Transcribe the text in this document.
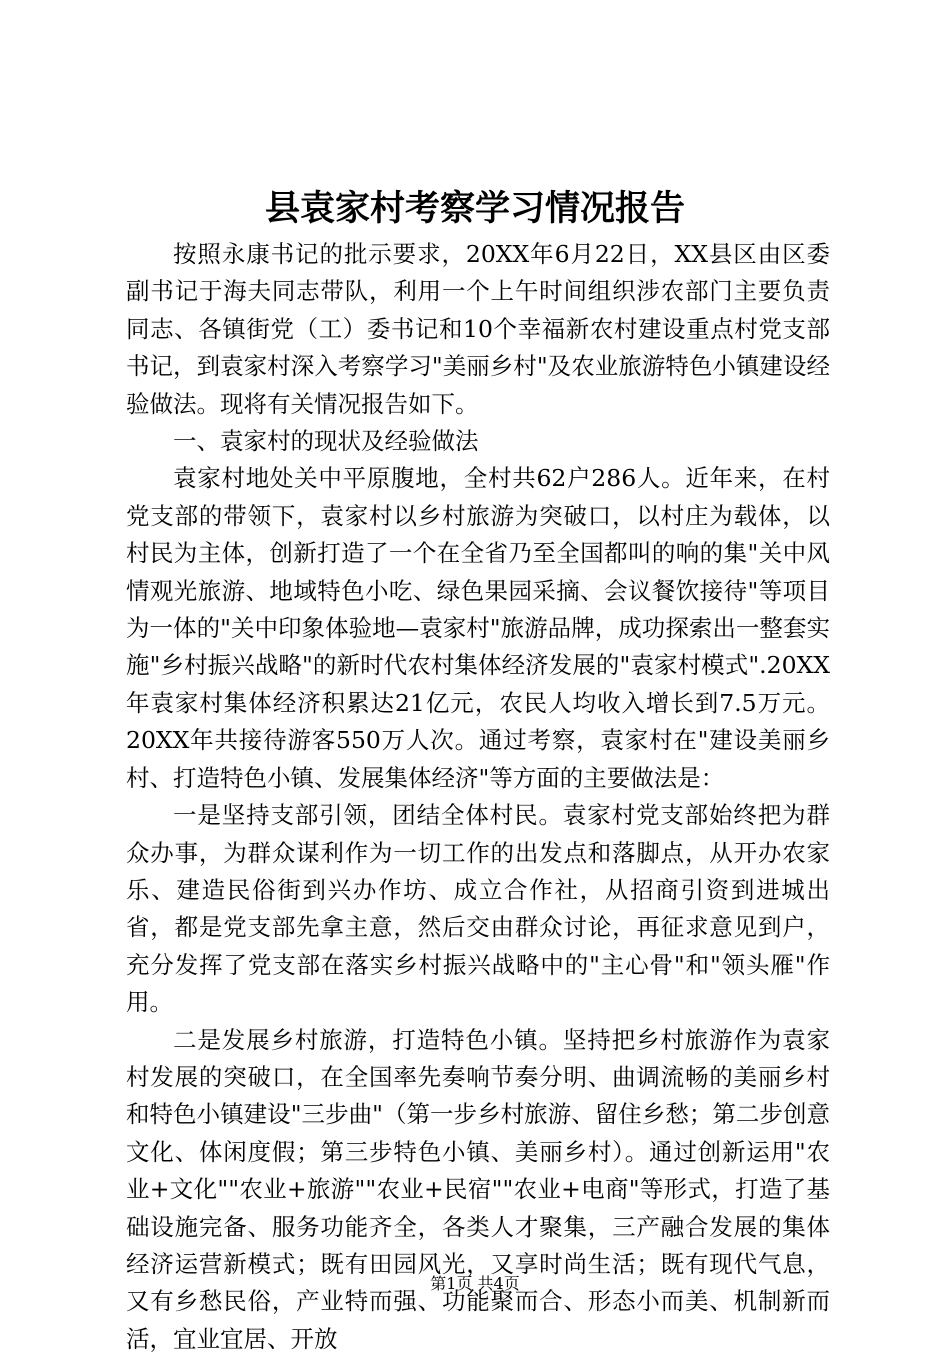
县袁家村考察学习情况报告

按照永康书记的批示要求，20XX年6月22日，XX县区由区委副书记于海夫同志带队，利用一个上午时间组织涉农部门主要负责同志、各镇街党（工）委书记和10个幸福新农村建设重点村党支部书记，到袁家村深入考察学习"美丽乡村"及农业旅游特色小镇建设经验做法。现将有关情况报告如下。

一、袁家村的现状及经验做法

袁家村地处关中平原腹地，全村共62户286人。近年来，在村党支部的带领下，袁家村以乡村旅游为突破口，以村庄为载体，以村民为主体，创新打造了一个在全省乃至全国都叫的响的集"关中风情观光旅游、地域特色小吃、绿色果园采摘、会议餐饮接待"等项目为一体的"关中印象体验地—袁家村"旅游品牌，成功探索出一整套实施"乡村振兴战略"的新时代农村集体经济发展的"袁家村模式".20XX年袁家村集体经济积累达21亿元，农民人均收入增长到7.5万元。20XX年共接待游客550万人次。通过考察，袁家村在"建设美丽乡村、打造特色小镇、发展集体经济"等方面的主要做法是：

一是坚持支部引领，团结全体村民。袁家村党支部始终把为群众办事，为群众谋利作为一切工作的出发点和落脚点，从开办农家乐、建造民俗街到兴办作坊、成立合作社，从招商引资到进城出省，都是党支部先拿主意，然后交由群众讨论，再征求意见到户，充分发挥了党支部在落实乡村振兴战略中的"主心骨"和"领头雁"作用。

二是发展乡村旅游，打造特色小镇。坚持把乡村旅游作为袁家村发展的突破口，在全国率先奏响节奏分明、曲调流畅的美丽乡村和特色小镇建设"三步曲"（第一步乡村旅游、留住乡愁；第二步创意文化、体闲度假；第三步特色小镇、美丽乡村）。通过创新运用"农业+文化""农业+旅游""农业+民宿""农业+电商"等形式，打造了基础设施完备、服务功能齐全，各类人才聚集，三产融合发展的集体经济运营新模式；既有田园风光，又享时尚生活；既有现代气息，又有乡愁民俗，产业特而强、功能聚而合、形态小而美、机制新而活，宜业宜居、开放

第1页 共4页
